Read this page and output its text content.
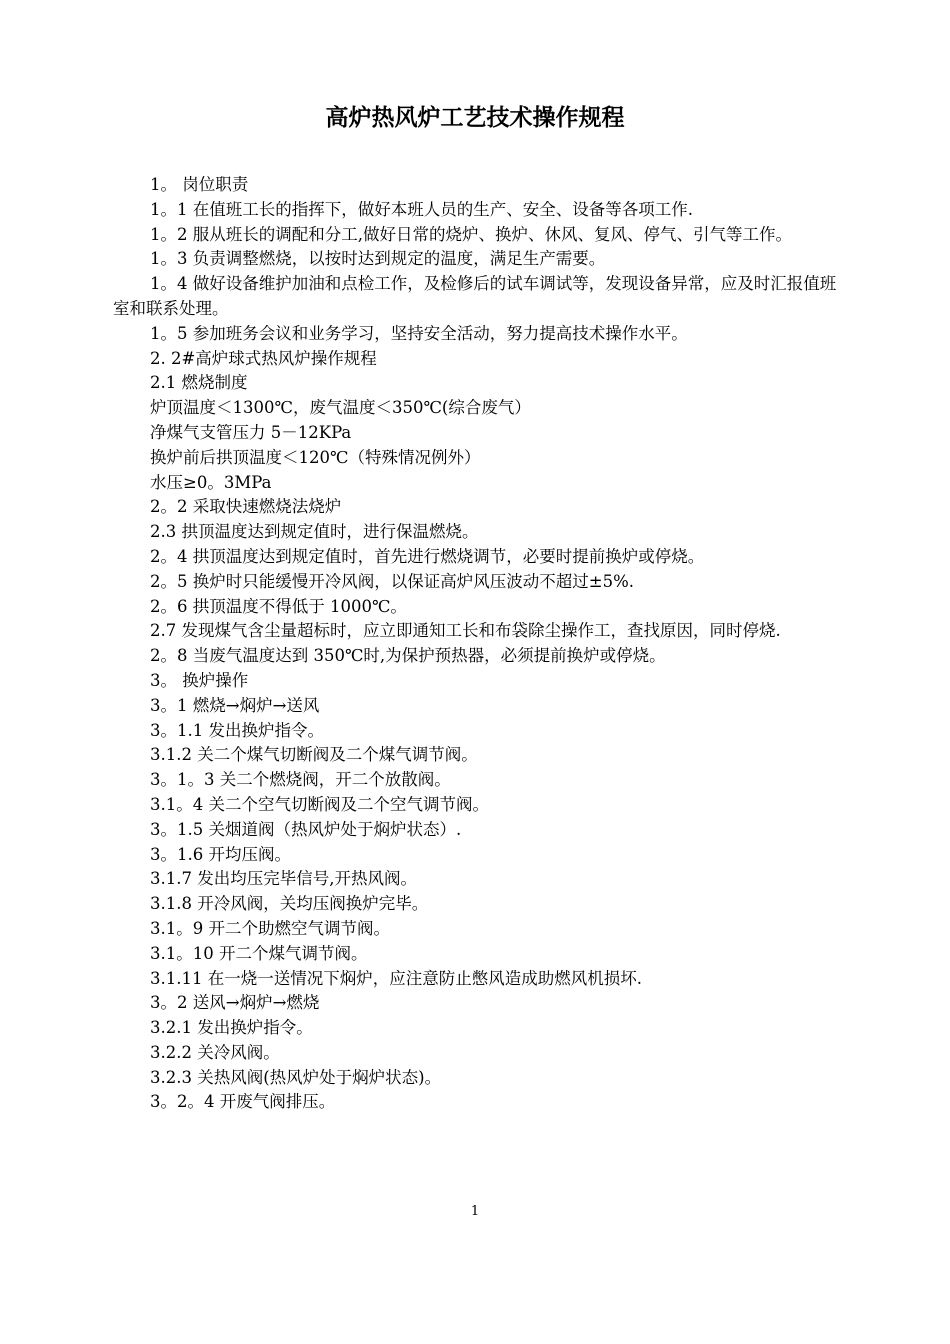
高炉热风炉工艺技术操作规程

1。 岗位职责

1。1 在值班工长的指挥下，做好本班人员的生产、安全、设备等各项工作.

1。2 服从班长的调配和分工,做好日常的烧炉、换炉、休风、复风、停气、引气等工作。

1。3 负责调整燃烧，以按时达到规定的温度，满足生产需要。

1。4 做好设备维护加油和点检工作，及检修后的试车调试等，发现设备异常，应及时汇报值班室和联系处理。

1。5 参加班务会议和业务学习，坚持安全活动，努力提高技术操作水平。

2. 2#高炉球式热风炉操作规程

2.1 燃烧制度

炉顶温度＜1300℃，废气温度＜350℃(综合废气）

净煤气支管压力 5－12KPa

换炉前后拱顶温度＜120℃（特殊情况例外）

水压≥0。3MPa

2。2 采取快速燃烧法烧炉

2.3 拱顶温度达到规定值时，进行保温燃烧。

2。4 拱顶温度达到规定值时，首先进行燃烧调节，必要时提前换炉或停烧。

2。5 换炉时只能缓慢开冷风阀，以保证高炉风压波动不超过±5%.

2。6 拱顶温度不得低于 1000℃。

2.7 发现煤气含尘量超标时，应立即通知工长和布袋除尘操作工，查找原因，同时停烧.

2。8 当废气温度达到 350℃时,为保护预热器，必须提前换炉或停烧。

3。 换炉操作

3。1 燃烧→焖炉→送风

3。1.1 发出换炉指令。

3.1.2 关二个煤气切断阀及二个煤气调节阀。

3。1。3 关二个燃烧阀，开二个放散阀。

3.1。4 关二个空气切断阀及二个空气调节阀。

3。1.5 关烟道阀（热风炉处于焖炉状态）.

3。1.6 开均压阀。

3.1.7 发出均压完毕信号,开热风阀。

3.1.8 开冷风阀，关均压阀换炉完毕。

3.1。9 开二个助燃空气调节阀。

3.1。10 开二个煤气调节阀。

3.1.11 在一烧一送情况下焖炉，应注意防止憋风造成助燃风机损坏.

3。2 送风→焖炉→燃烧

3.2.1 发出换炉指令。

3.2.2 关冷风阀。

3.2.3 关热风阀(热风炉处于焖炉状态)。

3。2。4 开废气阀排压。

1
